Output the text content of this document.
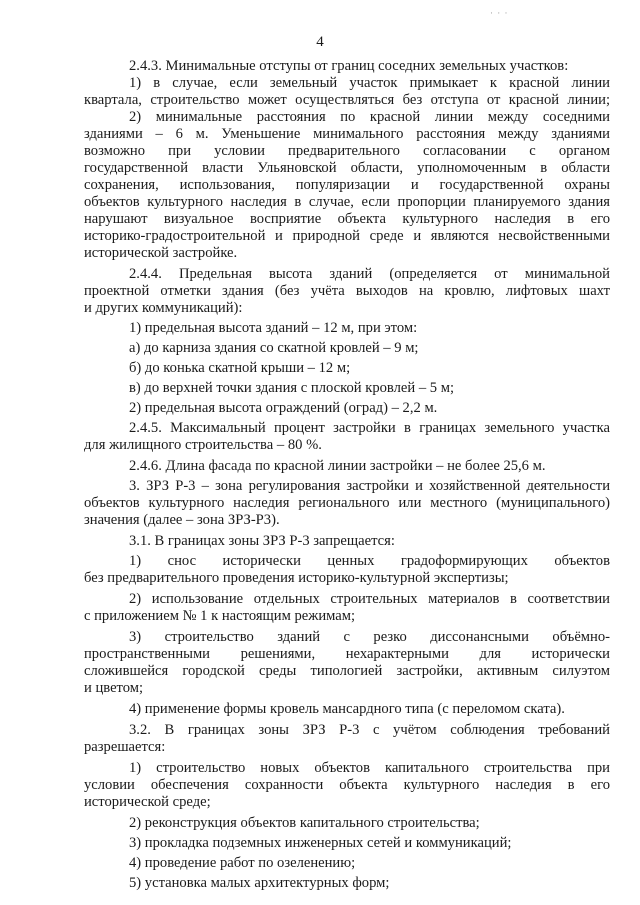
· · ·
4
2.4.3. Минимальные отступы от границ соседних земельных участков:
1) в случае, если земельный участок примыкает к красной линии
квартала, строительство может осуществляться без отступа от красной линии;
2) минимальные расстояния по красной линии между соседними
зданиями – 6 м. Уменьшение минимального расстояния между зданиями
возможно при условии предварительного согласовании с органом
государственной власти Ульяновской области, уполномоченным в области
сохранения, использования, популяризации и государственной охраны
объектов культурного наследия в случае, если пропорции планируемого здания
нарушают визуальное восприятие объекта культурного наследия в его
историко-градостроительной и природной среде и являются несвойственными
исторической застройке.
2.4.4. Предельная высота зданий (определяется от минимальной
проектной отметки здания (без учёта выходов на кровлю, лифтовых шахт
и других коммуникаций):
1) предельная высота зданий – 12 м, при этом:
а) до карниза здания со скатной кровлей – 9 м;
б) до конька скатной крыши – 12 м;
в) до верхней точки здания с плоской кровлей – 5 м;
2) предельная высота ограждений (оград) – 2,2 м.
2.4.5. Максимальный процент застройки в границах земельного участка
для жилищного строительства – 80 %.
2.4.6. Длина фасада по красной линии застройки – не более 25,6 м.
3. ЗРЗ Р-3 – зона регулирования застройки и хозяйственной деятельности
объектов культурного наследия регионального или местного (муниципального)
значения (далее – зона ЗРЗ-Р3).
3.1. В границах зоны ЗРЗ Р-3 запрещается:
1) снос исторически ценных градоформирующих объектов
без предварительного проведения историко-культурной экспертизы;
2) использование отдельных строительных материалов в соответствии
с приложением № 1 к настоящим режимам;
3) строительство зданий с резко диссонансными объёмно-
пространственными решениями, нехарактерными для исторически
сложившейся городской среды типологией застройки, активным силуэтом
и цветом;
4) применение формы кровель мансардного типа (с переломом ската).
3.2. В границах зоны ЗРЗ Р-3 с учётом соблюдения требований
разрешается:
1) строительство новых объектов капитального строительства при
условии обеспечения сохранности объекта культурного наследия в его
исторической среде;
2) реконструкция объектов капитального строительства;
3) прокладка подземных инженерных сетей и коммуникаций;
4) проведение работ по озеленению;
5) установка малых архитектурных форм;
